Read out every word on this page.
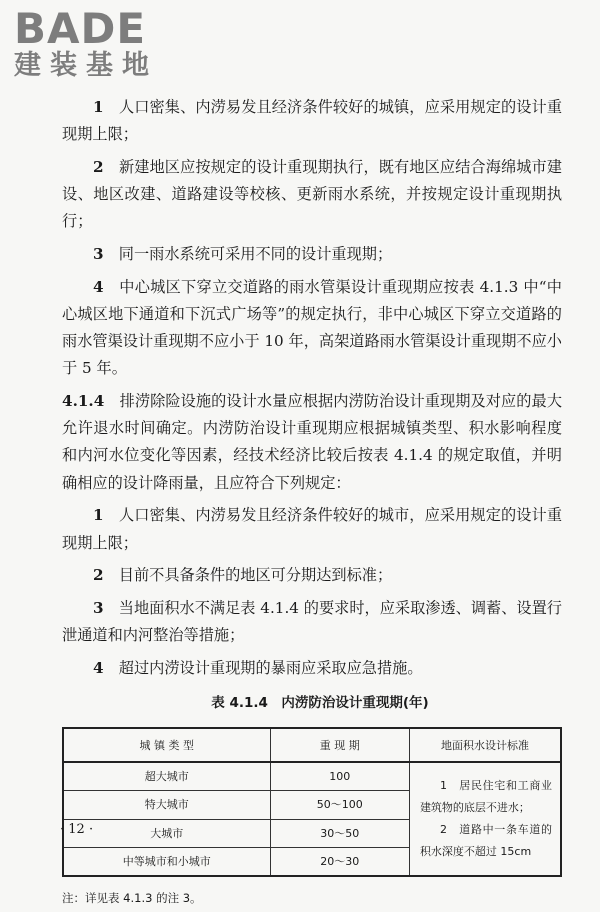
BADE
建装基地

1　 人口密集、内涝易发且经济条件较好的城镇，应采用规定的设计重现期上限；

2　 新建地区应按规定的设计重现期执行，既有地区应结合海绵城市建设、地区改建、道路建设等校核、更新雨水系统，并按规定设计重现期执行；

3　 同一雨水系统可采用不同的设计重现期；

4　 中心城区下穿立交道路的雨水管渠设计重现期应按表 4.1.3 中“中心城区地下通道和下沉式广场等”的规定执行，非中心城区下穿立交道路的雨水管渠设计重现期不应小于 10 年，高架道路雨水管渠设计重现期不应小于 5 年。

4.1.4　 排涝除险设施的设计水量应根据内涝防治设计重现期及对应的最大允许退水时间确定。内涝防治设计重现期应根据城镇类型、积水影响程度和内河水位变化等因素，经技术经济比较后按表 4.1.4 的规定取值，并明确相应的设计降雨量，且应符合下列规定：

1　 人口密集、内涝易发且经济条件较好的城市，应采用规定的设计重现期上限；

2　 目前不具备条件的地区可分期达到标准；

3　 当地面积水不满足表 4.1.4 的要求时，应采取渗透、调蓄、设置行泄通道和内河整治等措施；

4　 超过内涝设计重现期的暴雨应采取应急措施。

表 4.1.4　内涝防治设计重现期(年)
城 镇 类 型	重 现 期	地面积水设计标准
超大城市	100	1　居民住宅和工商业建筑物的底层不进水；

2　道路中一条车道的积水深度不超过 15cm

特大城市	50～100	
大城市	30～50	
中等城市和小城市	20～30	
注：详见表 4.1.3 的注 3。
· 12 ·
